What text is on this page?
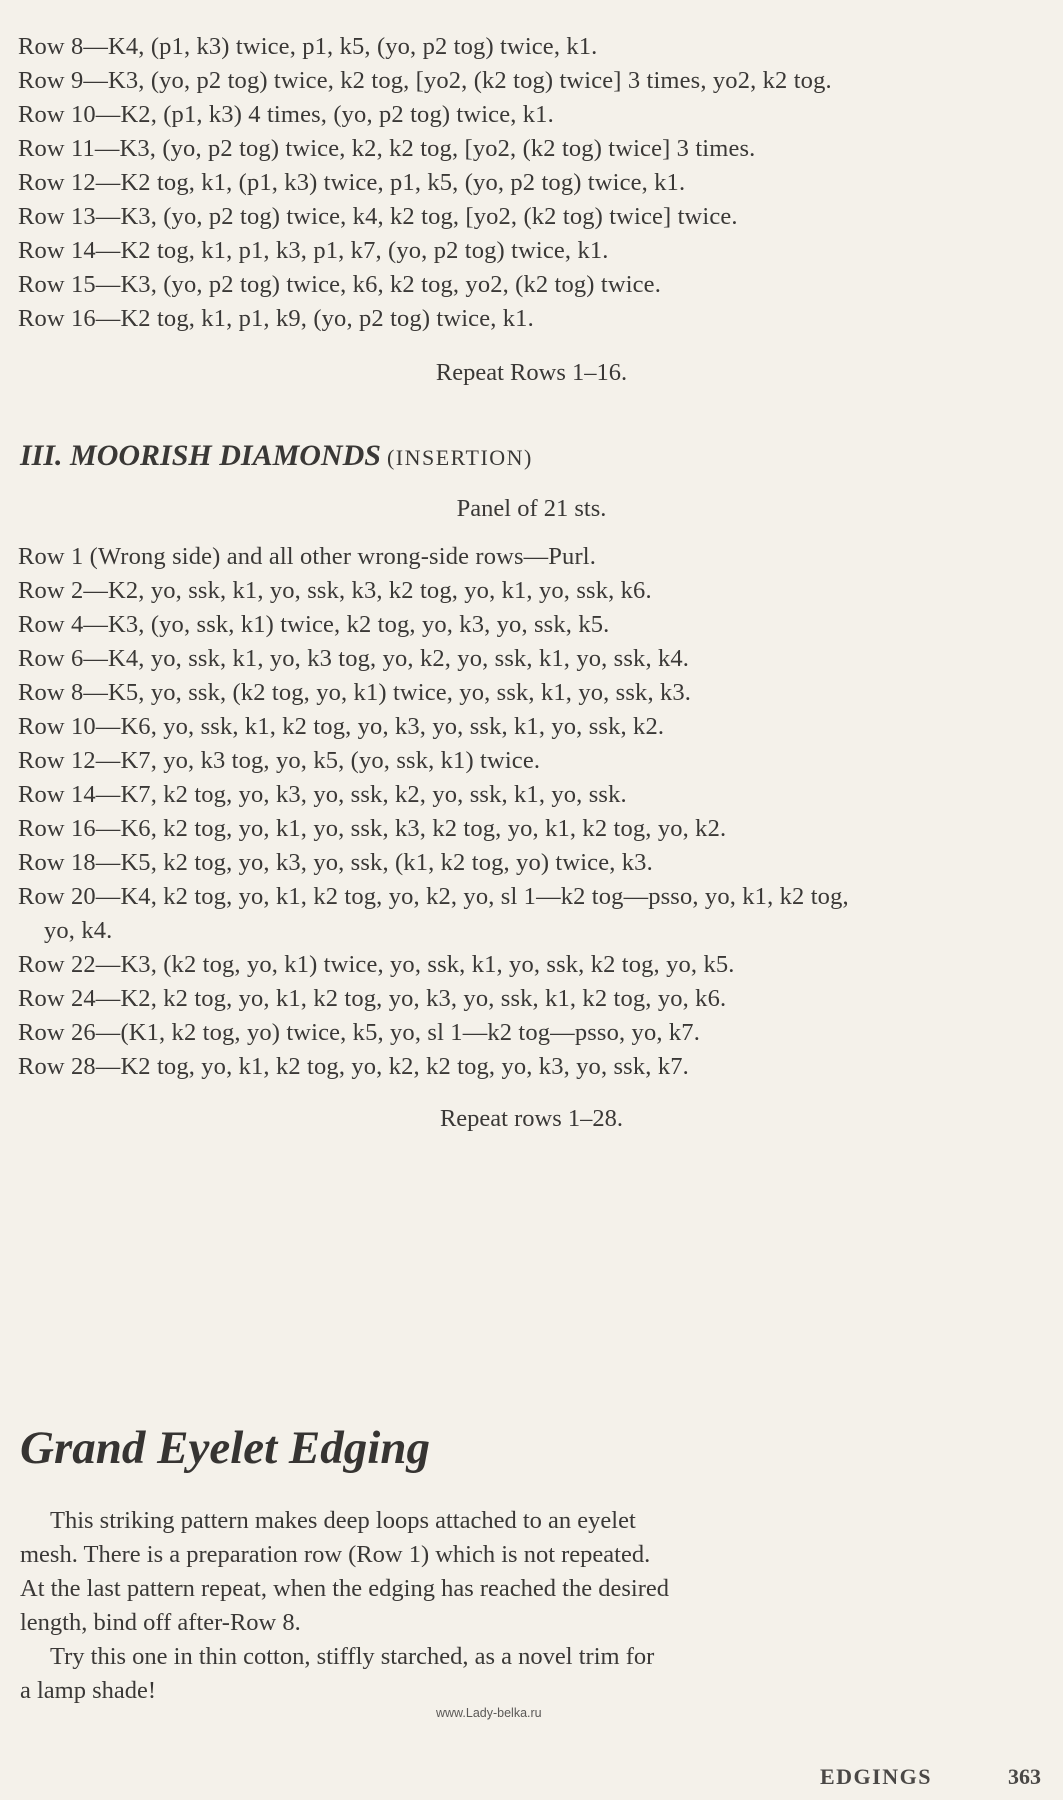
Row 8—K4, (p1, k3) twice, p1, k5, (yo, p2 tog) twice, k1.
Row 9—K3, (yo, p2 tog) twice, k2 tog, [yo2, (k2 tog) twice] 3 times, yo2, k2 tog.
Row 10—K2, (p1, k3) 4 times, (yo, p2 tog) twice, k1.
Row 11—K3, (yo, p2 tog) twice, k2, k2 tog, [yo2, (k2 tog) twice] 3 times.
Row 12—K2 tog, k1, (p1, k3) twice, p1, k5, (yo, p2 tog) twice, k1.
Row 13—K3, (yo, p2 tog) twice, k4, k2 tog, [yo2, (k2 tog) twice] twice.
Row 14—K2 tog, k1, p1, k3, p1, k7, (yo, p2 tog) twice, k1.
Row 15—K3, (yo, p2 tog) twice, k6, k2 tog, yo2, (k2 tog) twice.
Row 16—K2 tog, k1, p1, k9, (yo, p2 tog) twice, k1.
Repeat Rows 1–16.
III. MOORISH DIAMONDS (INSERTION)
Panel of 21 sts.
Row 1 (Wrong side) and all other wrong-side rows—Purl.
Row 2—K2, yo, ssk, k1, yo, ssk, k3, k2 tog, yo, k1, yo, ssk, k6.
Row 4—K3, (yo, ssk, k1) twice, k2 tog, yo, k3, yo, ssk, k5.
Row 6—K4, yo, ssk, k1, yo, k3 tog, yo, k2, yo, ssk, k1, yo, ssk, k4.
Row 8—K5, yo, ssk, (k2 tog, yo, k1) twice, yo, ssk, k1, yo, ssk, k3.
Row 10—K6, yo, ssk, k1, k2 tog, yo, k3, yo, ssk, k1, yo, ssk, k2.
Row 12—K7, yo, k3 tog, yo, k5, (yo, ssk, k1) twice.
Row 14—K7, k2 tog, yo, k3, yo, ssk, k2, yo, ssk, k1, yo, ssk.
Row 16—K6, k2 tog, yo, k1, yo, ssk, k3, k2 tog, yo, k1, k2 tog, yo, k2.
Row 18—K5, k2 tog, yo, k3, yo, ssk, (k1, k2 tog, yo) twice, k3.
Row 20—K4, k2 tog, yo, k1, k2 tog, yo, k2, yo, sl 1—k2 tog—psso, yo, k1, k2 tog,
yo, k4.
Row 22—K3, (k2 tog, yo, k1) twice, yo, ssk, k1, yo, ssk, k2 tog, yo, k5.
Row 24—K2, k2 tog, yo, k1, k2 tog, yo, k3, yo, ssk, k1, k2 tog, yo, k6.
Row 26—(K1, k2 tog, yo) twice, k5, yo, sl 1—k2 tog—psso, yo, k7.
Row 28—K2 tog, yo, k1, k2 tog, yo, k2, k2 tog, yo, k3, yo, ssk, k7.
Repeat rows 1–28.
Grand Eyelet Edging
This striking pattern makes deep loops attached to an eyelet
mesh. There is a preparation row (Row 1) which is not repeated.
At the last pattern repeat, when the edging has reached the desired
length, bind off after-Row 8.
Try this one in thin cotton, stiffly starched, as a novel trim for
a lamp shade!
www.Lady-belka.ru
EDGINGS	363
